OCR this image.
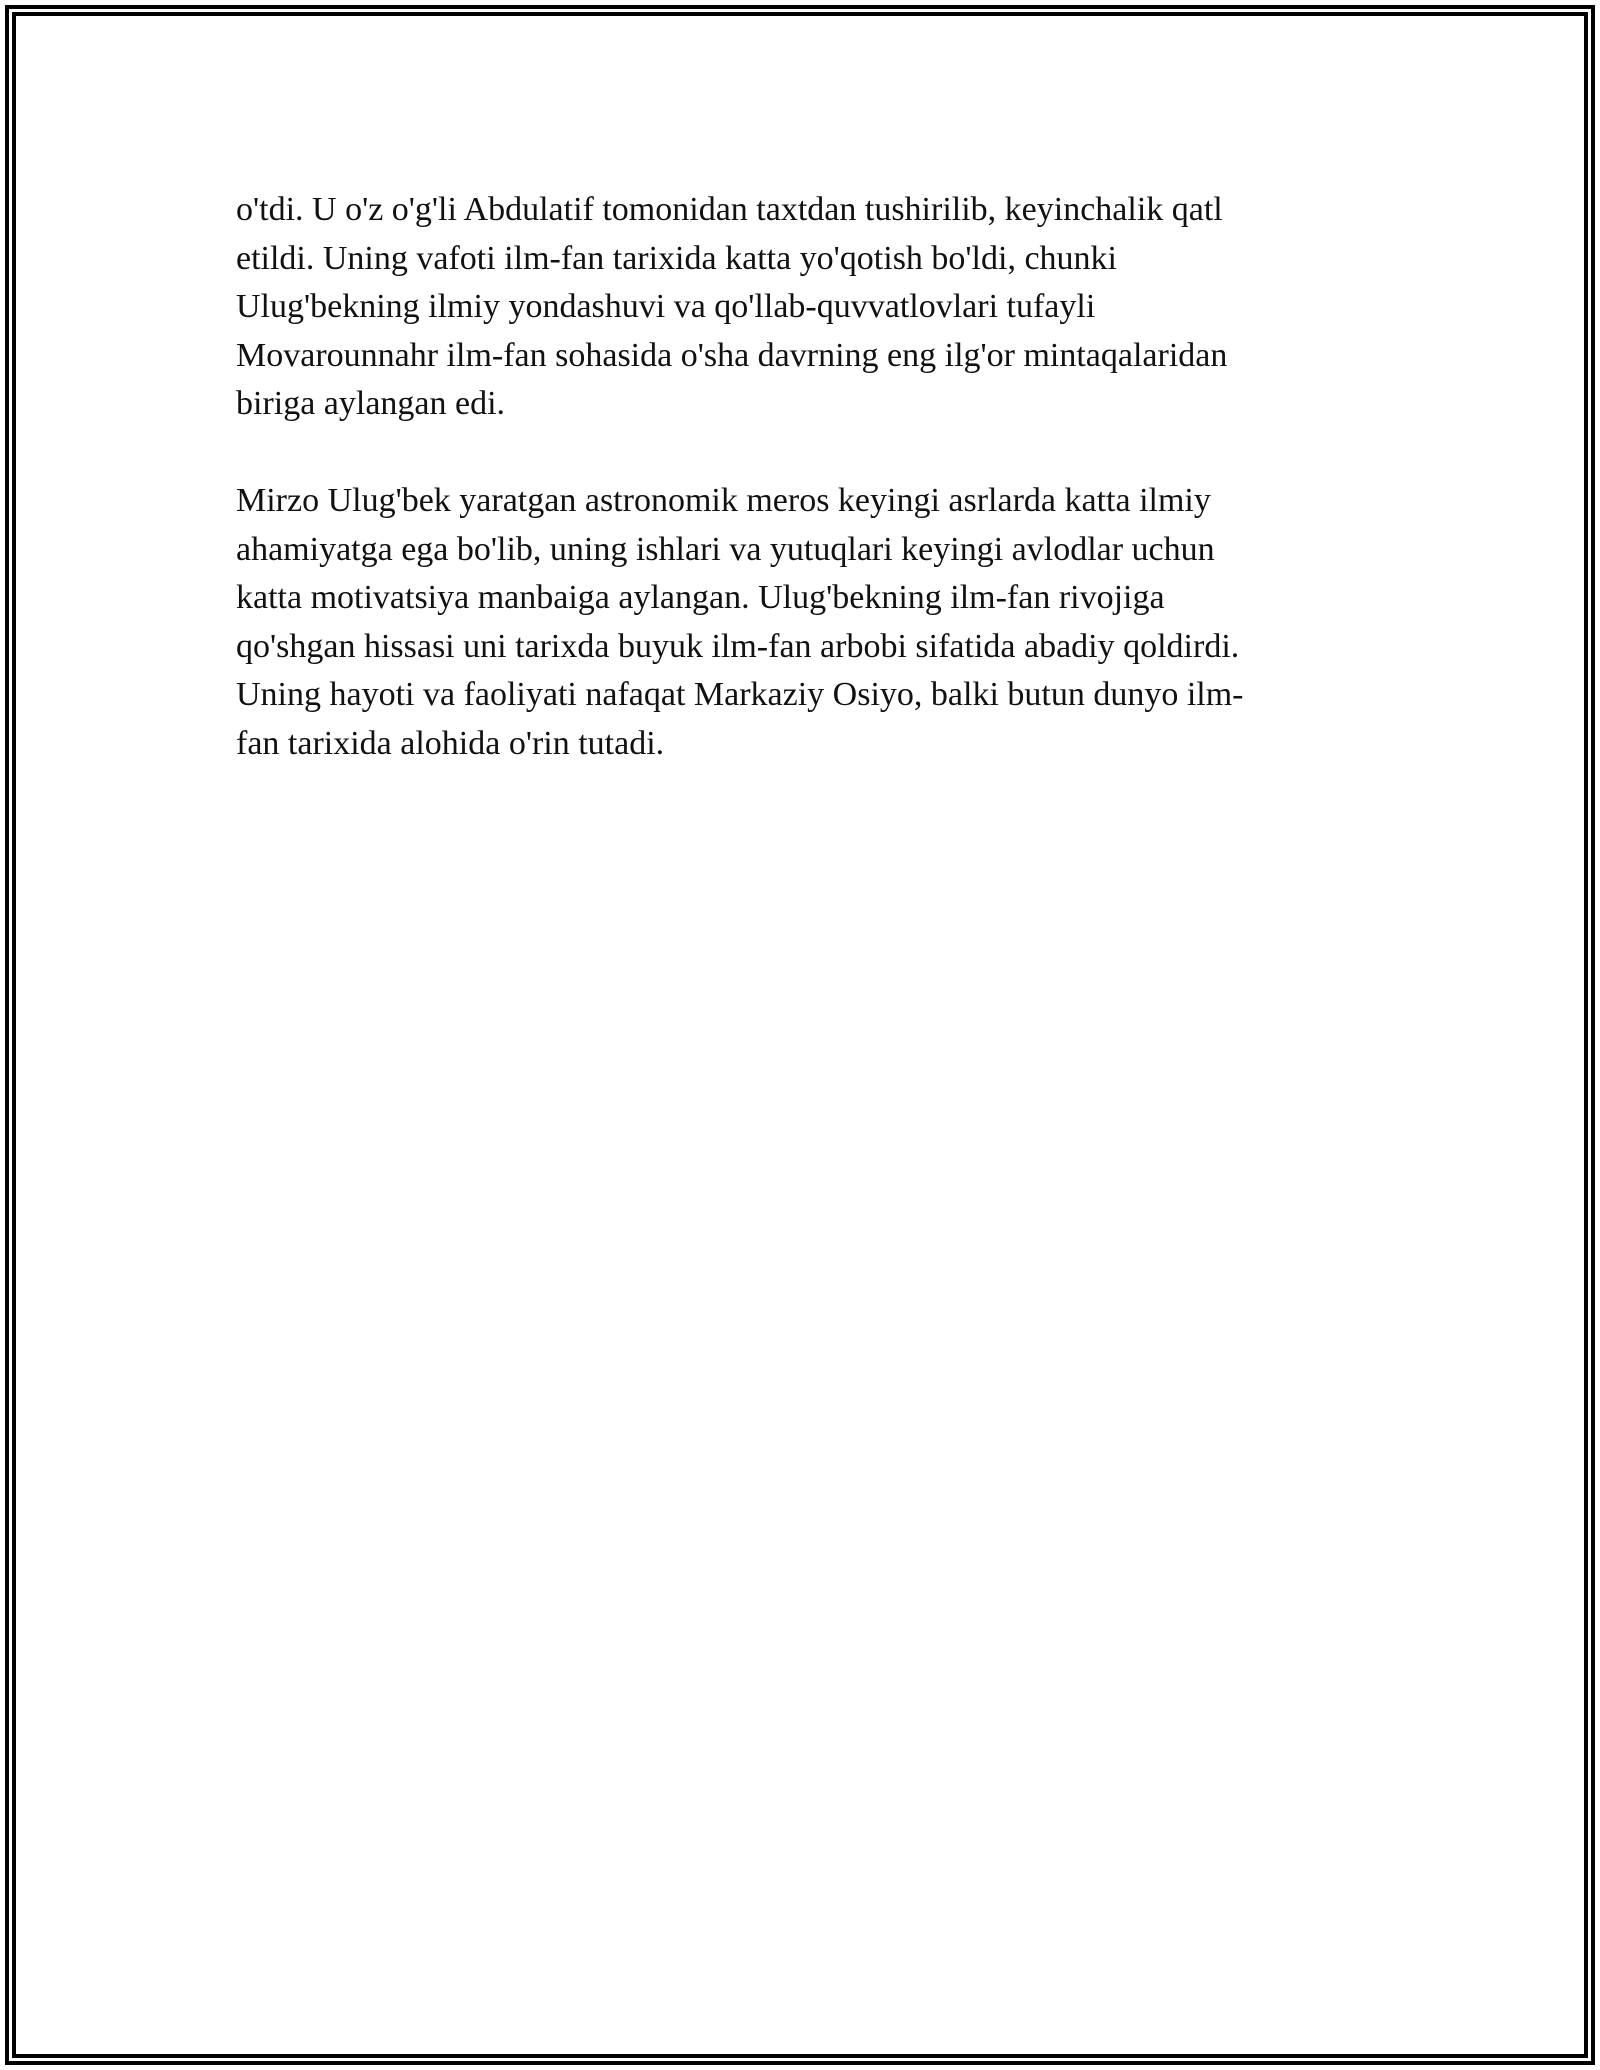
o'tdi. U o'z o'g'li Abdulatif tomonidan taxtdan tushirilib, keyinchalik qatl
etildi. Uning vafoti ilm-fan tarixida katta yo'qotish bo'ldi, chunki
Ulug'bekning ilmiy yondashuvi va qo'llab-quvvatlovlari tufayli
Movarounnahr ilm-fan sohasida o'sha davrning eng ilg'or mintaqalaridan
biriga aylangan edi.

Mirzo Ulug'bek yaratgan astronomik meros keyingi asrlarda katta ilmiy
ahamiyatga ega bo'lib, uning ishlari va yutuqlari keyingi avlodlar uchun
katta motivatsiya manbaiga aylangan. Ulug'bekning ilm-fan rivojiga
qo'shgan hissasi uni tarixda buyuk ilm-fan arbobi sifatida abadiy qoldirdi.
Uning hayoti va faoliyati nafaqat Markaziy Osiyo, balki butun dunyo ilm-
fan tarixida alohida o'rin tutadi.
